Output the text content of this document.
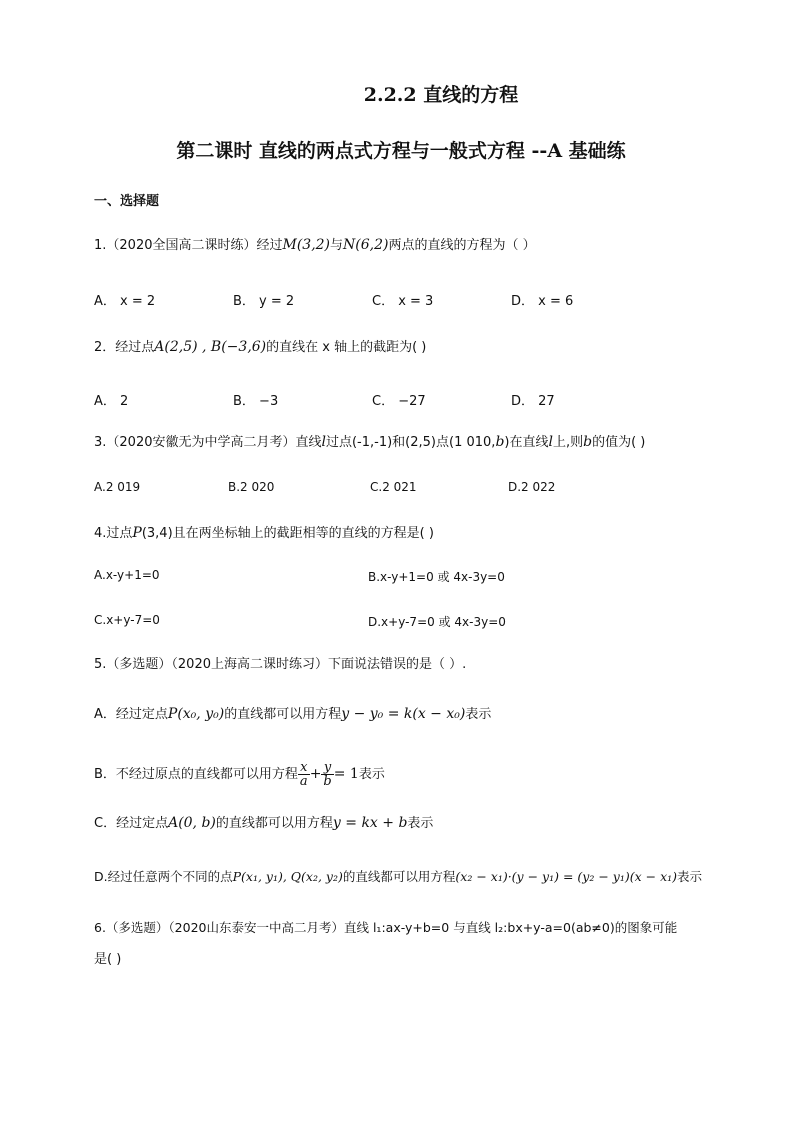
2.2.2 直线的方程
第二课时 直线的两点式方程与一般式方程 --A 基础练
一、选择题
1.（2020全国高二课时练）经过M(3,2)与N(6,2)两点的直线的方程为（ ）
A． x = 2	B． y = 2	C． x = 3	D． x = 6
2．经过点A(2,5) , B(−3,6)的直线在 x 轴上的截距为( )
A． 2	B． −3	C． −27	D． 27
3.（2020安徽无为中学高二月考）直线l过点(-1,-1)和(2,5)点(1 010,b)在直线l上,则b的值为( )
A.2 019	B.2 020	C.2 021	D.2 022
4.过点P(3,4)且在两坐标轴上的截距相等的直线的方程是( )
A.x-y+1=0	B.x-y+1=0 或 4x-3y=0
C.x+y-7=0	D.x+y-7=0 或 4x-3y=0
5.（多选题）（2020上海高二课时练习）下面说法错误的是（ ）.
A．经过定点P(x₀, y₀)的直线都可以用方程y − y₀ = k(x − x₀)表示
B．不经过原点的直线都可以用方程 $\frac{x}{a} + \frac{y}{b} = 1$表示
C．经过定点A(0, b)的直线都可以用方程y = kx + b表示
D.经过任意两个不同的点P(x₁, y₁), Q(x₂, y₂)的直线都可以用方程(x₂ − x₁)·(y − y₁) = (y₂ − y₁)(x − x₁)表示
6.（多选题）（2020山东泰安一中高二月考）直线 l₁:ax-y+b=0 与直线 l₂:bx+y-a=0(ab≠0)的图象可能
是( )
